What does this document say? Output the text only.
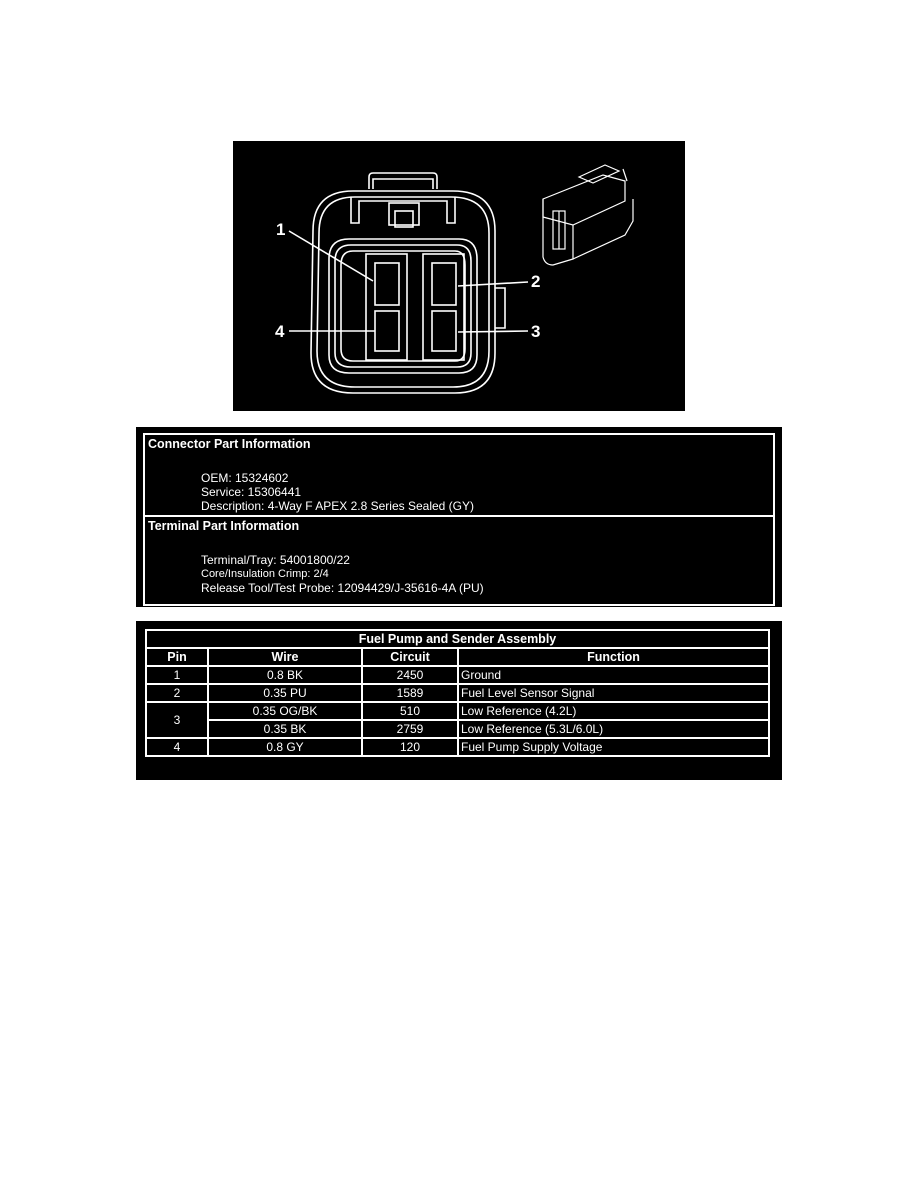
1
2
3
4
Connector Part Information
OEM: 15324602
Service: 15306441
Description: 4-Way F APEX 2.8 Series Sealed (GY)
Terminal Part Information
Terminal/Tray: 54001800/22
Core/Insulation Crimp: 2/4
Release Tool/Test Probe: 12094429/J-35616-4A (PU)
Fuel Pump and Sender Assembly			
Pin	Wire	Circuit	Function
1	0.8 BK	2450	Ground
2	0.35 PU	1589	Fuel Level Sensor Signal
3	0.35 OG/BK	510	Low Reference (4.2L)
	0.35 BK	2759	Low Reference (5.3L/6.0L)
4	0.8 GY	120	Fuel Pump Supply Voltage
